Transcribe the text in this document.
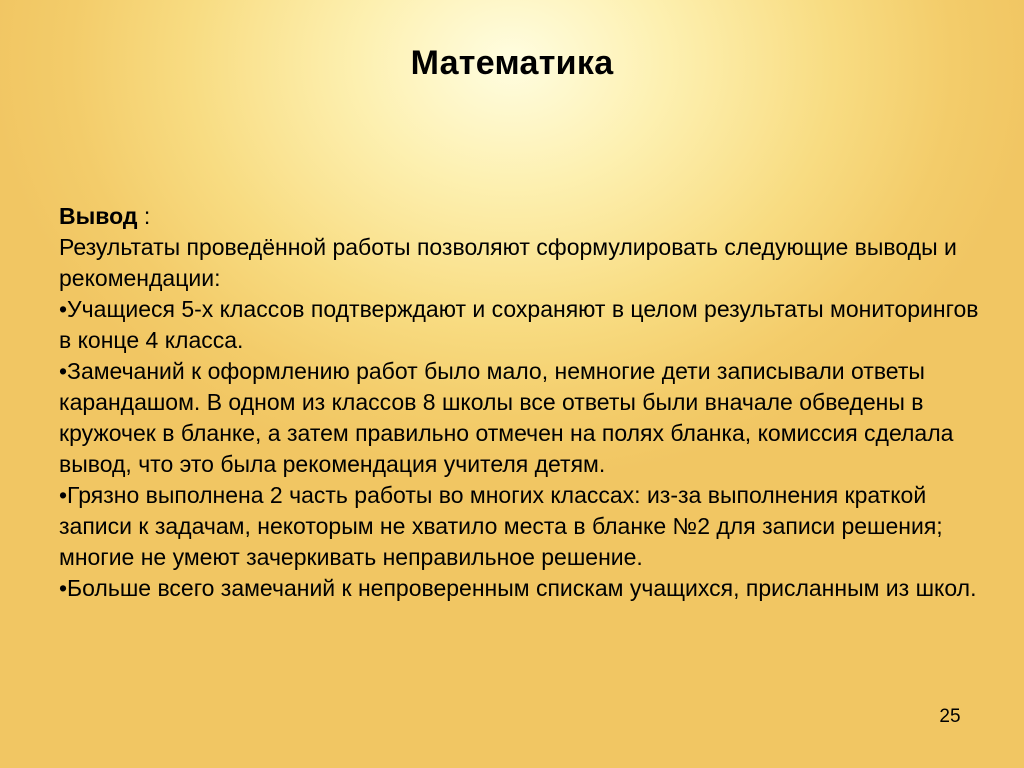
Математика

Вывод :

Результаты проведённой работы позволяют сформулировать следующие выводы и рекомендации:

•Учащиеся 5-х классов подтверждают и сохраняют в целом результаты мониторингов в конце 4 класса.

•Замечаний к оформлению работ было мало, немногие дети записывали ответы карандашом. В одном из классов 8 школы все ответы были вначале обведены в кружочек в бланке, а затем правильно отмечен на полях бланка, комиссия сделала вывод, что это была рекомендация учителя детям.

•Грязно выполнена 2 часть работы во многих классах: из-за выполнения краткой записи к задачам, некоторым не хватило места в бланке №2 для записи решения; многие не умеют зачеркивать неправильное решение.

•Больше всего замечаний к непроверенным спискам учащихся, присланным из школ.

25
